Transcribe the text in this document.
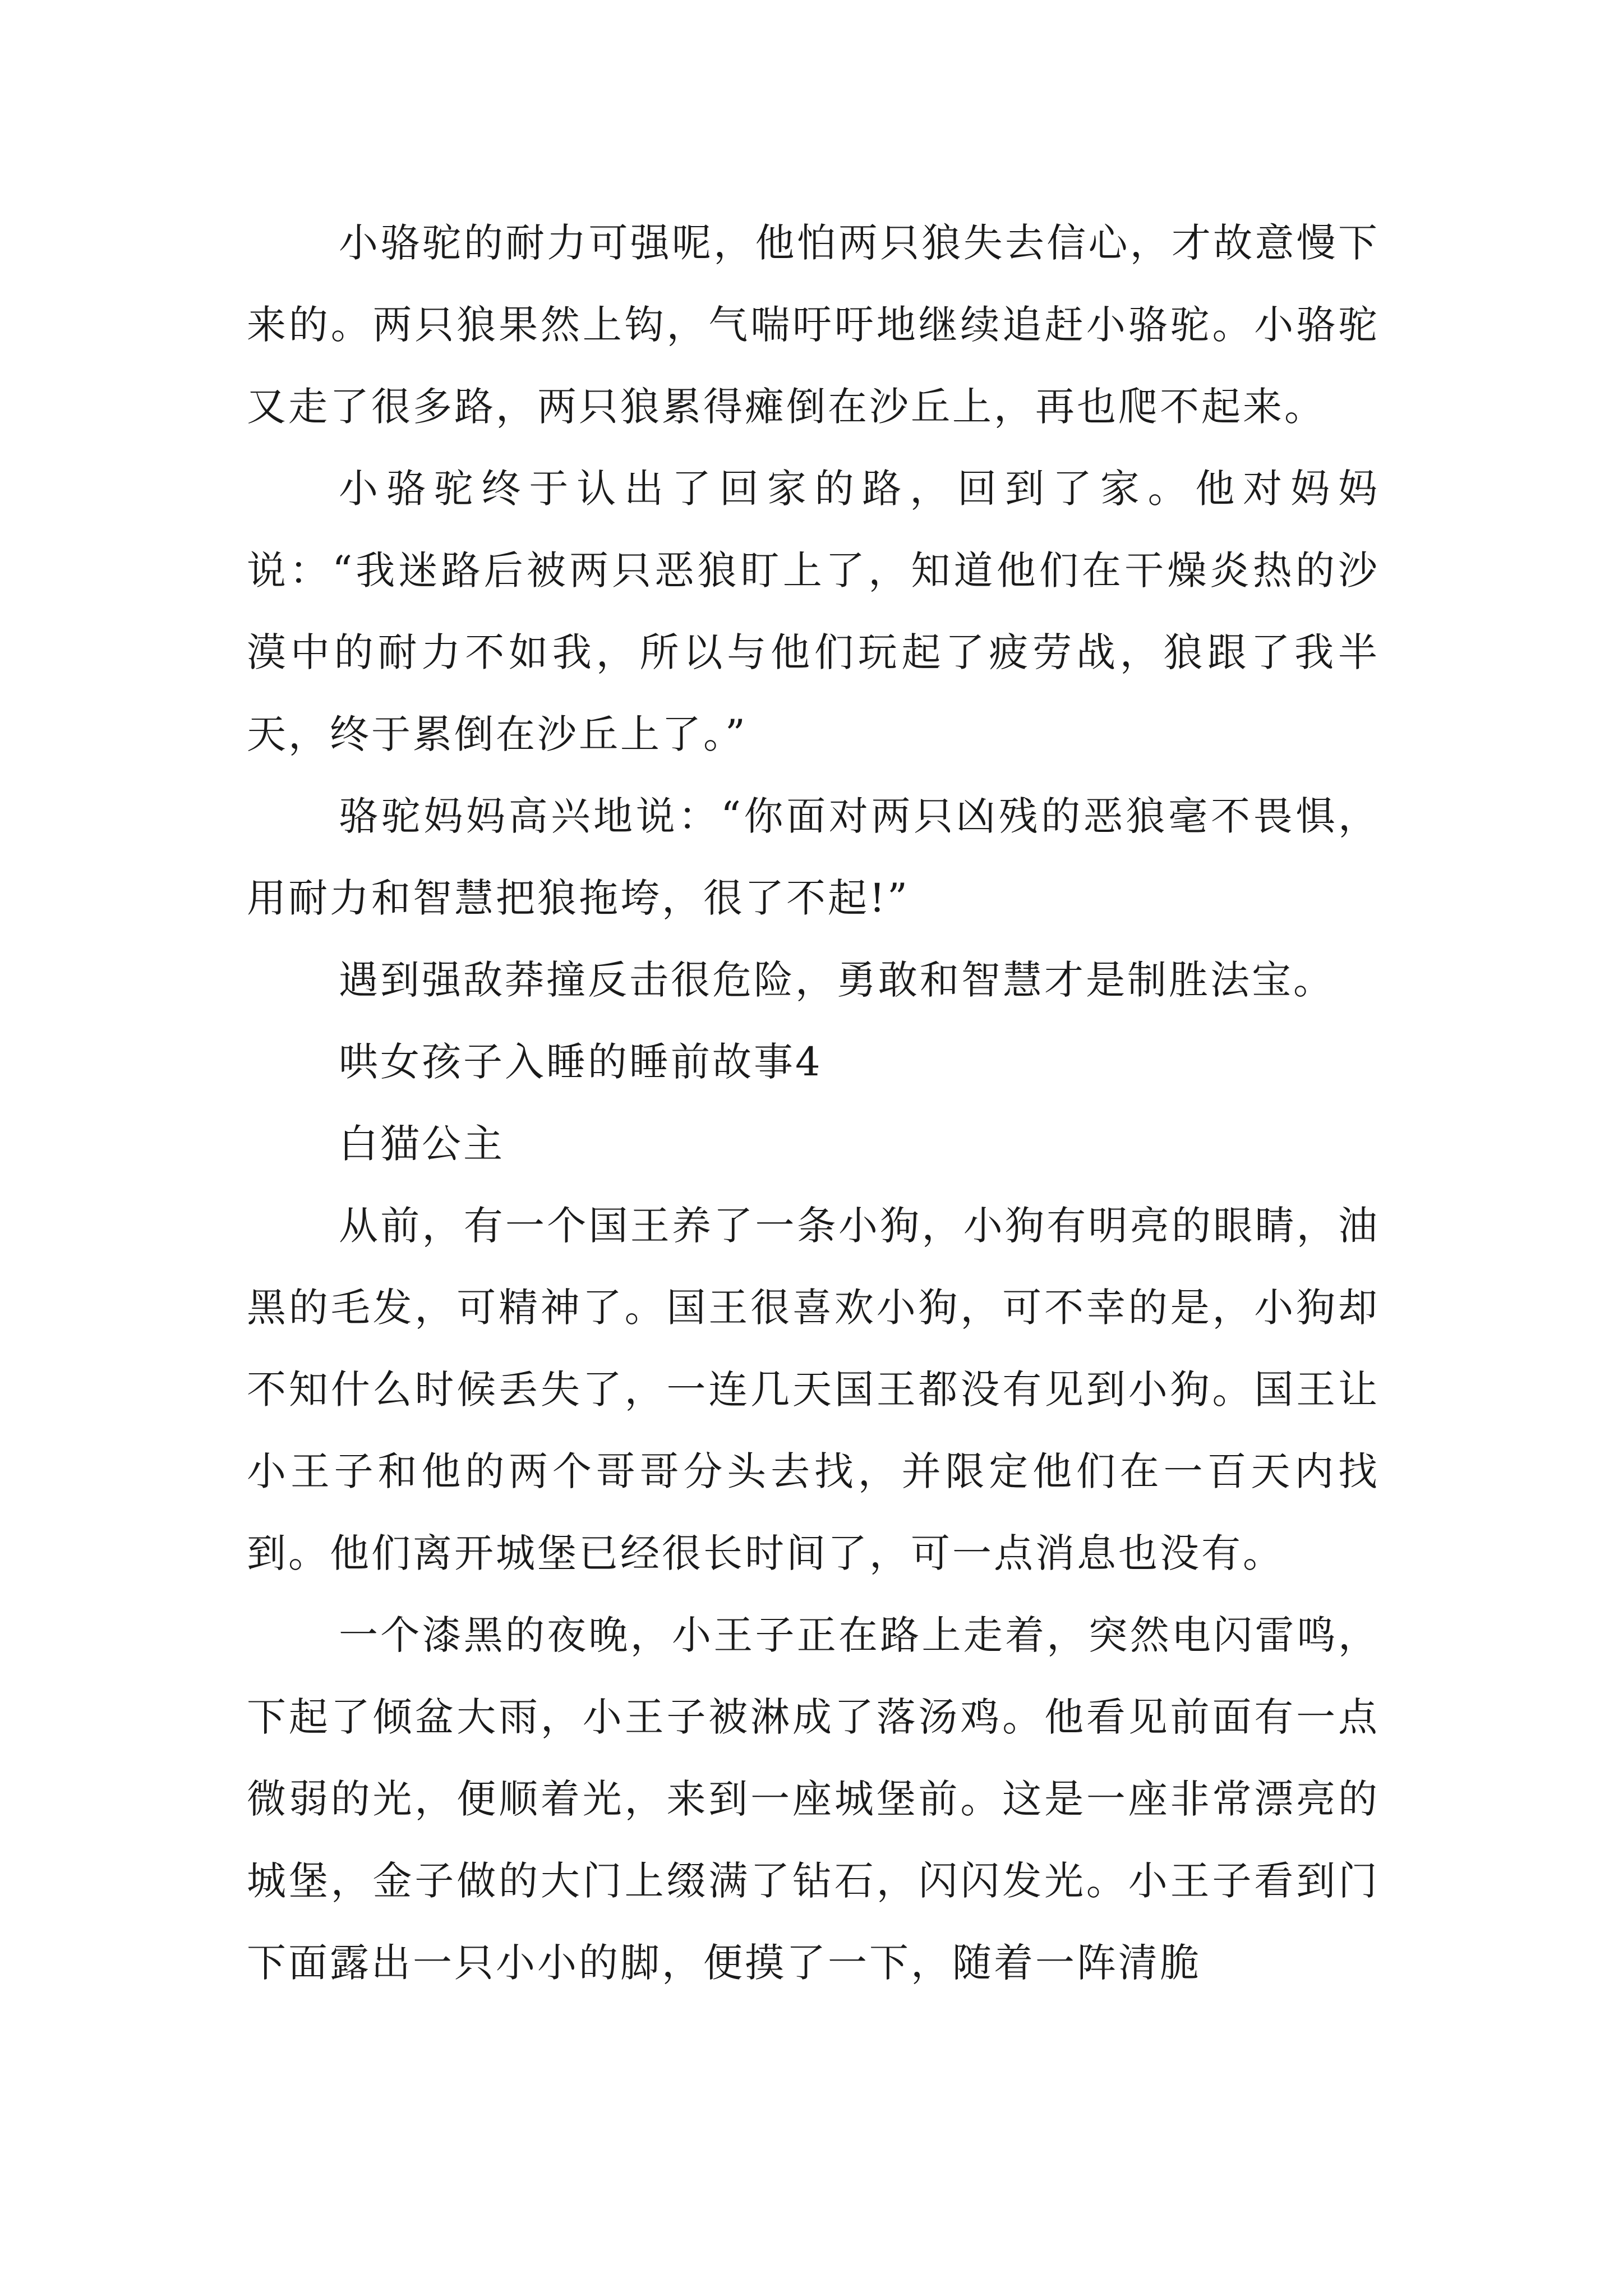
小骆驼的耐力可强呢，他怕两只狼失去信心，才故意慢下来的。两只狼果然上钩，气喘吁吁地继续追赶小骆驼。小骆驼又走了很多路，两只狼累得瘫倒在沙丘上，再也爬不起来。

小骆驼终于认出了回家的路，回到了家。他对妈妈说：“我迷路后被两只恶狼盯上了，知道他们在干燥炎热的沙漠中的耐力不如我，所以与他们玩起了疲劳战，狼跟了我半天，终于累倒在沙丘上了。”

骆驼妈妈高兴地说：“你面对两只凶残的恶狼毫不畏惧，用耐力和智慧把狼拖垮，很了不起!”

遇到强敌莽撞反击很危险，勇敢和智慧才是制胜法宝。

哄女孩子入睡的睡前故事4

白猫公主

从前，有一个国王养了一条小狗，小狗有明亮的眼睛，油黑的毛发，可精神了。国王很喜欢小狗，可不幸的是，小狗却不知什么时候丢失了，一连几天国王都没有见到小狗。国王让小王子和他的两个哥哥分头去找，并限定他们在一百天内找到。他们离开城堡已经很长时间了，可一点消息也没有。

一个漆黑的夜晚，小王子正在路上走着，突然电闪雷鸣，下起了倾盆大雨，小王子被淋成了落汤鸡。他看见前面有一点微弱的光，便顺着光，来到一座城堡前。这是一座非常漂亮的城堡，金子做的大门上缀满了钻石，闪闪发光。小王子看到门下面露出一只小小的脚，便摸了一下，随着一阵清脆
